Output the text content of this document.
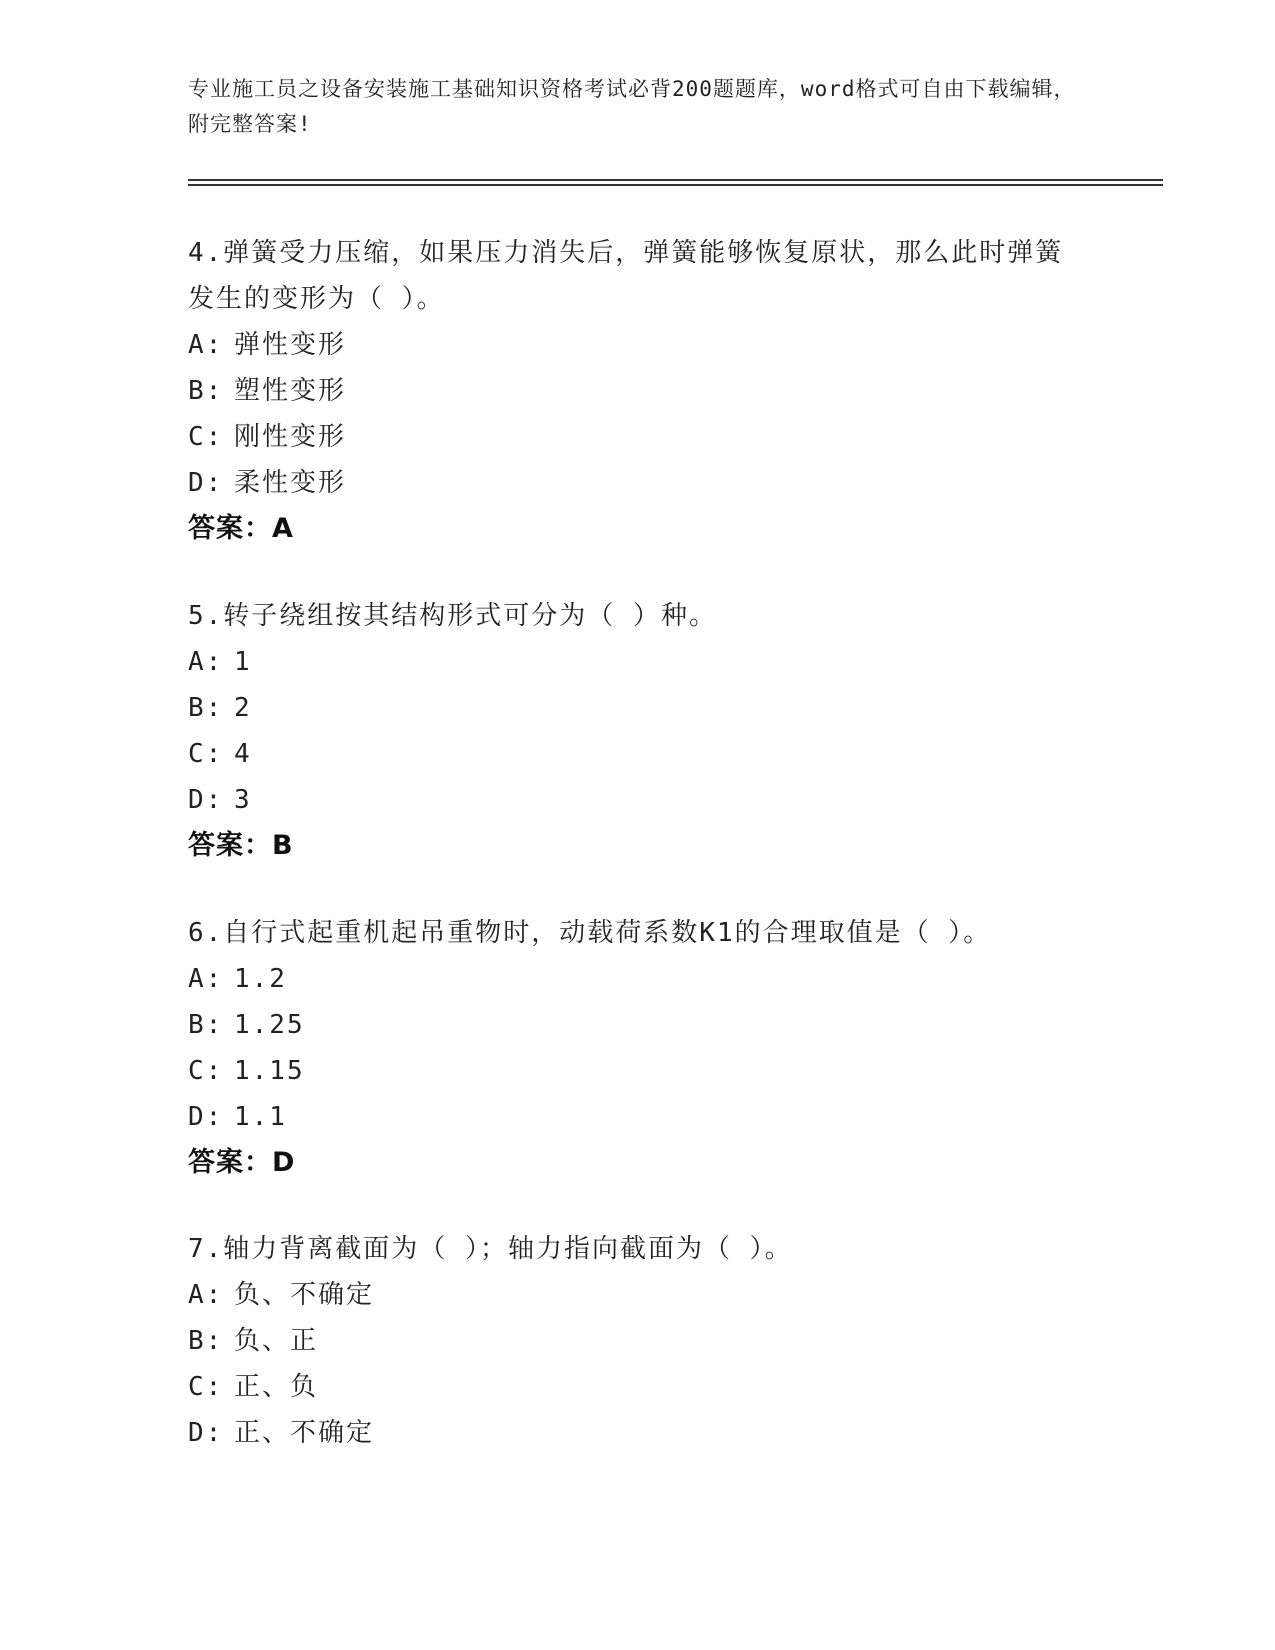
专业施工员之设备安装施工基础知识资格考试必背200题题库，word格式可自由下载编辑，附完整答案!

4.弹簧受力压缩，如果压力消失后，弹簧能够恢复原状，那么此时弹簧发生的变形为（ ）。

A: 弹性变形
B: 塑性变形
C: 刚性变形
D: 柔性变形

答案：A

5.转子绕组按其结构形式可分为（ ）种。

A: 1
B: 2
C: 4
D: 3

答案：B

6.自行式起重机起吊重物时，动载荷系数K1的合理取值是（ ）。

A: 1.2
B: 1.25
C: 1.15
D: 1.1

答案：D

7.轴力背离截面为（ ）；轴力指向截面为（ ）。

A: 负、不确定
B: 负、正
C: 正、负
D: 正、不确定
